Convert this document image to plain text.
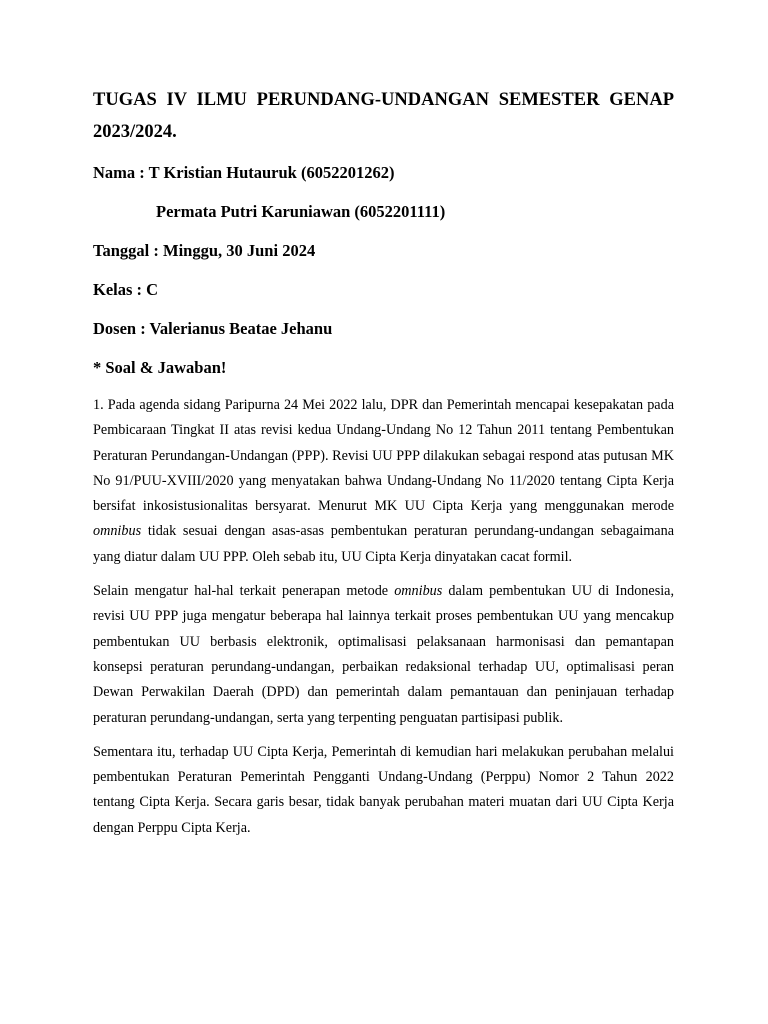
TUGAS IV ILMU PERUNDANG-UNDANGAN SEMESTER GENAP 2023/2024.
Nama : T Kristian Hutauruk (6052201262)
Permata Putri Karuniawan (6052201111)
Tanggal : Minggu, 30 Juni 2024
Kelas : C
Dosen : Valerianus Beatae Jehanu
* Soal & Jawaban!

1. Pada agenda sidang Paripurna 24 Mei 2022 lalu, DPR dan Pemerintah mencapai kesepakatan pada Pembicaraan Tingkat II atas revisi kedua Undang-Undang No 12 Tahun 2011 tentang Pembentukan Peraturan Perundangan-Undangan (PPP). Revisi UU PPP dilakukan sebagai respond atas putusan MK No 91/PUU-XVIII/2020 yang menyatakan bahwa Undang-Undang No 11/2020 tentang Cipta Kerja bersifat inkosistusionalitas bersyarat. Menurut MK UU Cipta Kerja yang menggunakan merode omnibus tidak sesuai dengan asas-asas pembentukan peraturan perundang-undangan sebagaimana yang diatur dalam UU PPP. Oleh sebab itu, UU Cipta Kerja dinyatakan cacat formil.

Selain mengatur hal-hal terkait penerapan metode omnibus dalam pembentukan UU di Indonesia, revisi UU PPP juga mengatur beberapa hal lainnya terkait proses pembentukan UU yang mencakup pembentukan UU berbasis elektronik, optimalisasi pelaksanaan harmonisasi dan pemantapan konsepsi peraturan perundang-undangan, perbaikan redaksional terhadap UU, optimalisasi peran Dewan Perwakilan Daerah (DPD) dan pemerintah dalam pemantauan dan peninjauan terhadap peraturan perundang-undangan, serta yang terpenting penguatan partisipasi publik.

Sementara itu, terhadap UU Cipta Kerja, Pemerintah di kemudian hari melakukan perubahan melalui pembentukan Peraturan Pemerintah Pengganti Undang-Undang (Perppu) Nomor 2 Tahun 2022 tentang Cipta Kerja. Secara garis besar, tidak banyak perubahan materi muatan dari UU Cipta Kerja dengan Perppu Cipta Kerja.
